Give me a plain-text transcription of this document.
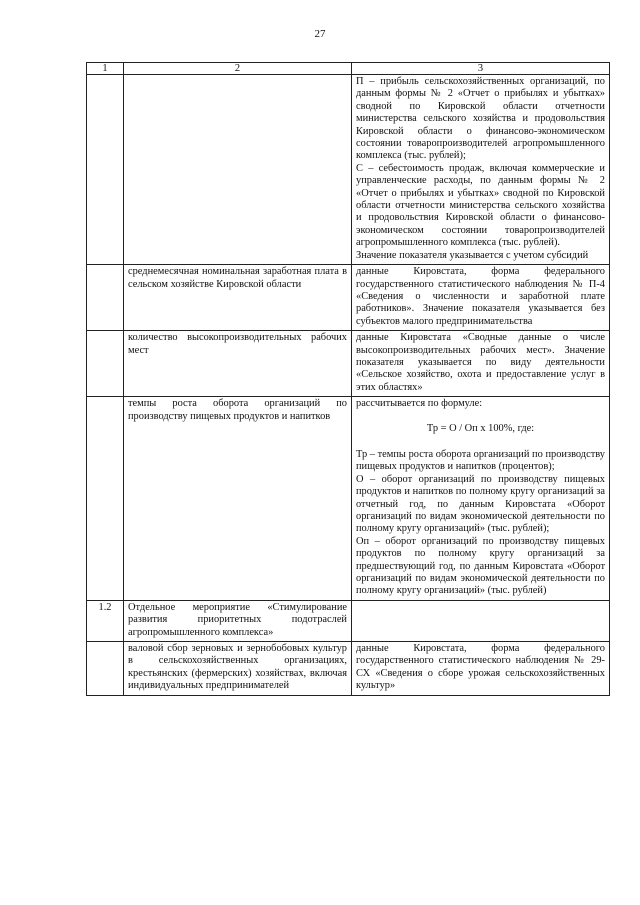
27
1	2	3

		П – прибыль сельскохозяйственных организаций, по данным формы № 2 «Отчет о прибылях и убытках» сводной по Кировской области отчетности министерства сельского хозяйства и продовольствия Кировской области о финансово-экономическом состоянии товаропроизводителей агропромышленного комплекса (тыс. рублей);

С – себестоимость продаж, включая коммерческие и управленческие расходы, по данным формы № 2 «Отчет о прибылях и убытках» сводной по Кировской области отчетности министерства сельского хозяйства и продовольствия Кировской области о финансово-экономическом состоянии товаропроизводителей агропромышленного комплекса (тыс. рублей).

Значение показателя указывается с учетом субсидий

	среднемесячная номинальная заработная плата в сельском хозяйстве Кировской области	данные Кировстата, форма федерального государственного статистического наблюдения № П-4 «Сведения о численности и заработной плате работников». Значение показателя указывается без субъектов малого предпринимательства

	количество высокопроизводительных рабочих мест	данные Кировстата «Сводные данные о числе высокопроизводительных рабочих мест». Значение показателя указывается по виду деятельности «Сельское хозяйство, охота и предоставление услуг в этих областях»

	темпы роста оборота организаций по производству пищевых продуктов и напитков	рассчитывается по формуле:

Тр = О / Оп х 100%, где:

Тр – темпы роста оборота организаций по производству пищевых продуктов и напитков (процентов);

О – оборот организаций по производству пищевых продуктов и напитков по полному кругу организаций за отчетный год, по данным Кировстата «Оборот организаций по видам экономической деятельности по полному кругу организаций» (тыс. рублей);

Оп – оборот организаций по производству пищевых продуктов по полному кругу организаций за предшествующий год, по данным Кировстата «Оборот организаций по видам экономической деятельности по полному кругу организаций» (тыс. рублей)

1.2	Отдельное мероприятие «Стимулирование развития приоритетных подотраслей агропромышленного комплекса»	
	валовой сбор зерновых и зернобобовых культур в сельскохозяйственных организациях, крестьянских (фермерских) хозяйствах, включая индивидуальных предпринимателей	данные Кировстата, форма федерального государственного статистического наблюдения № 29-СХ «Сведения о сборе урожая сельскохозяйственных культур»
